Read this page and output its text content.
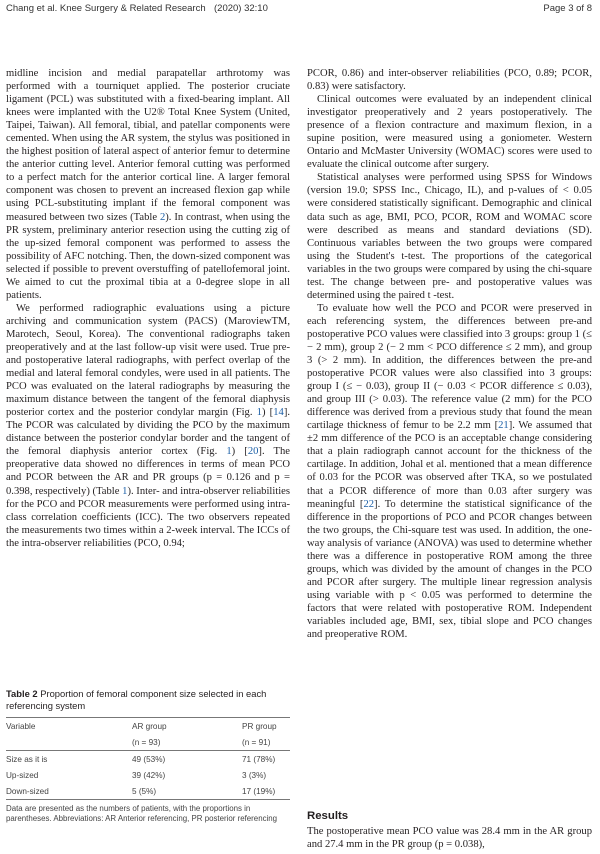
Chang et al. Knee Surgery & Related Research (2020) 32:10	Page 3 of 8

midline incision and medial parapatellar arthrotomy was performed with a tourniquet applied. The posterior cruciate ligament (PCL) was substituted with a fixed-bearing implant. All knees were implanted with the U2® Total Knee System (United, Taipei, Taiwan). All femoral, tibial, and patellar components were cemented. When using the AR system, the stylus was positioned in the highest position of lateral aspect of anterior femur to determine the anterior cutting level. Anterior femoral cutting was performed to a perfect match for the anterior cortical line. A larger femoral component was chosen to prevent an increased flexion gap while using PCL-substituting implant if the femoral component was measured between two sizes (Table 2). In contrast, when using the PR system, preliminary anterior resection using the cutting zig of the up-sized femoral component was performed to assess the possibility of AFC notching. Then, the down-sized component was selected if possible to prevent overstuffing of patellofemoral joint. We aimed to cut the proximal tibia at a 0-degree slope in all patients.

We performed radiographic evaluations using a picture archiving and communication system (PACS) (MaroviewTM, Marotech, Seoul, Korea). The conventional radiographs taken preoperatively and at the last follow-up visit were used. True pre- and postoperative lateral radiographs, with perfect overlap of the medial and lateral femoral condyles, were used in all patients. The PCO was evaluated on the lateral radiographs by measuring the maximum distance between the tangent of the femoral diaphysis posterior cortex and the posterior condylar margin (Fig. 1) [14]. The PCOR was calculated by dividing the PCO by the maximum distance between the posterior condylar border and the tangent of the femoral diaphysis anterior cortex (Fig. 1) [20]. The preoperative data showed no differences in terms of mean PCO and PCOR between the AR and PR groups (p = 0.126 and p = 0.398, respectively) (Table 1). Inter- and intra-observer reliabilities for the PCO and PCOR measurements were performed using intra-class correlation coefficients (ICC). The two observers repeated the measurements two times within a 2-week interval. The ICCs of the intra-observer reliabilities (PCO, 0.94;

Table 2 Proportion of femoral component size selected in each referencing system
Variable	AR group	PR group
	(n = 93)	(n = 91)
Size as it is	49 (53%)	71 (78%)
Up-sized	39 (42%)	3 (3%)
Down-sized	5 (5%)	17 (19%)
Data are presented as the numbers of patients, with the proportions in parentheses. Abbreviations: AR Anterior referencing, PR posterior referencing

PCOR, 0.86) and inter-observer reliabilities (PCO, 0.89; PCOR, 0.83) were satisfactory.

Clinical outcomes were evaluated by an independent clinical investigator preoperatively and 2 years postoperatively. The presence of a flexion contracture and maximum flexion, in a supine position, were measured using a goniometer. Western Ontario and McMaster University (WOMAC) scores were used to evaluate the clinical outcome after surgery.

Statistical analyses were performed using SPSS for Windows (version 19.0; SPSS Inc., Chicago, IL), and p-values of < 0.05 were considered statistically significant. Demographic and clinical data such as age, BMI, PCO, PCOR, ROM and WOMAC score were described as means and standard deviations (SD). Continuous variables between the two groups were compared using the Student's t-test. The proportions of the categorical variables in the two groups were compared by using the chi-square test. The change between pre- and postoperative values was determined using the paired t -test.

To evaluate how well the PCO and PCOR were preserved in each referencing system, the differences between pre-and postoperative PCO values were classified into 3 groups: group 1 (≤ − 2 mm), group 2 (− 2 mm < PCO difference ≤ 2 mm), and group 3 (> 2 mm). In addition, the differences between the pre-and postoperative PCOR values were also classified into 3 groups: group I (≤ − 0.03), group II (− 0.03 < PCOR difference ≤ 0.03), and group III (> 0.03). The reference value (2 mm) for the PCO difference was derived from a previous study that found the mean cartilage thickness of femur to be 2.2 mm [21]. We assumed that ±2 mm difference of the PCO is an acceptable change considering that a plain radiograph cannot account for the thickness of the cartilage. In addition, Johal et al. mentioned that a mean difference of 0.03 for the PCOR was observed after TKA, so we postulated that a PCOR difference of more than 0.03 after surgery was meaningful [22]. To determine the statistical significance of the difference in the proportions of PCO and PCOR changes between the two groups, the Chi-square test was used. In addition, the one-way analysis of variance (ANOVA) was used to determine whether there was a difference in postoperative ROM among the three groups, which was divided by the amount of changes in the PCO and PCOR after surgery. The multiple linear regression analysis using variable with p < 0.05 was performed to determine the factors that were related with postoperative ROM. Independent variables included age, BMI, sex, tibial slope and PCO changes and preoperative ROM.

Results
The postoperative mean PCO value was 28.4 mm in the AR group and 27.4 mm in the PR group (p = 0.038),
